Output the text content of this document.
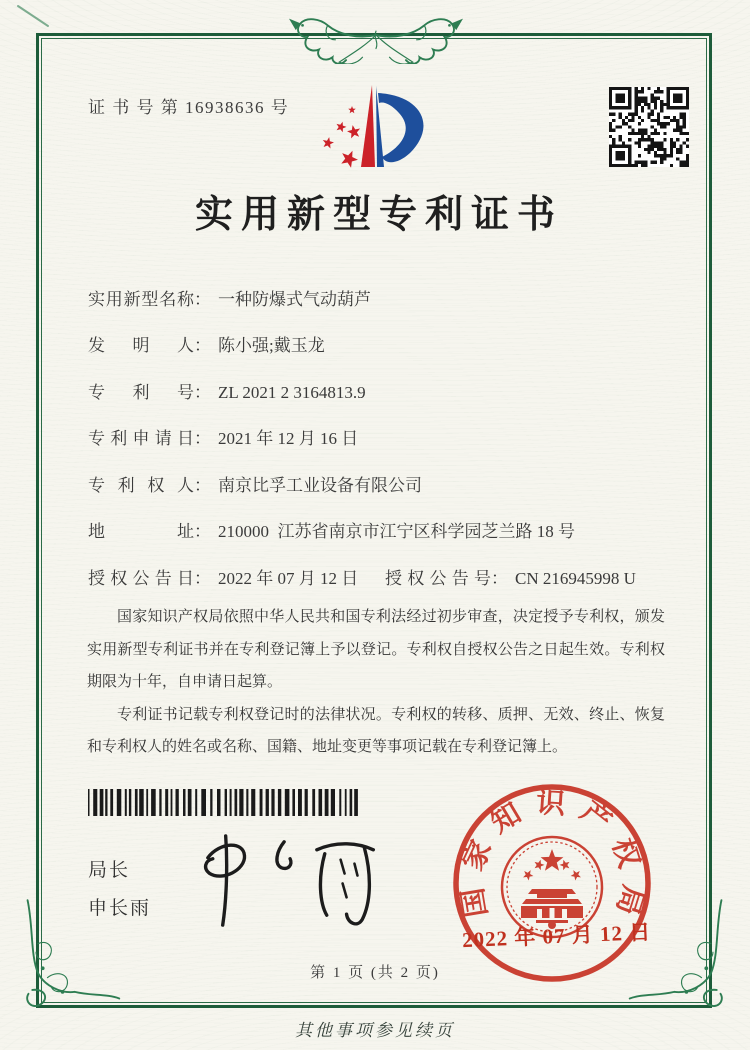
证 书 号 第 16938636 号
实用新型专利证书
实用新型名称： 一种防爆式气动葫芦
发明人： 陈小强;戴玉龙
专利号： ZL 2021 2 3164813.9
专利申请日： 2021 年 12 月 16 日
专利权人： 南京比孚工业设备有限公司
地址： 210000  江苏省南京市江宁区科学园芝兰路 18 号
授权公告日： 2022 年 07 月 12 日 授权公告号： CN 216945998 U

国家知识产权局依照中华人民共和国专利法经过初步审查，决定授予专利权，颁发实用新型专利证书并在专利登记簿上予以登记。专利权自授权公告之日起生效。专利权期限为十年，自申请日起算。

专利证书记载专利权登记时的法律状况。专利权的转移、质押、无效、终止、恢复和专利权人的姓名或名称、国籍、地址变更等事项记载在专利登记簿上。

局长
申长雨	国家知识产权局
2022 年 07 月 12 日
第 1 页 (共 2 页)
其他事项参见续页
